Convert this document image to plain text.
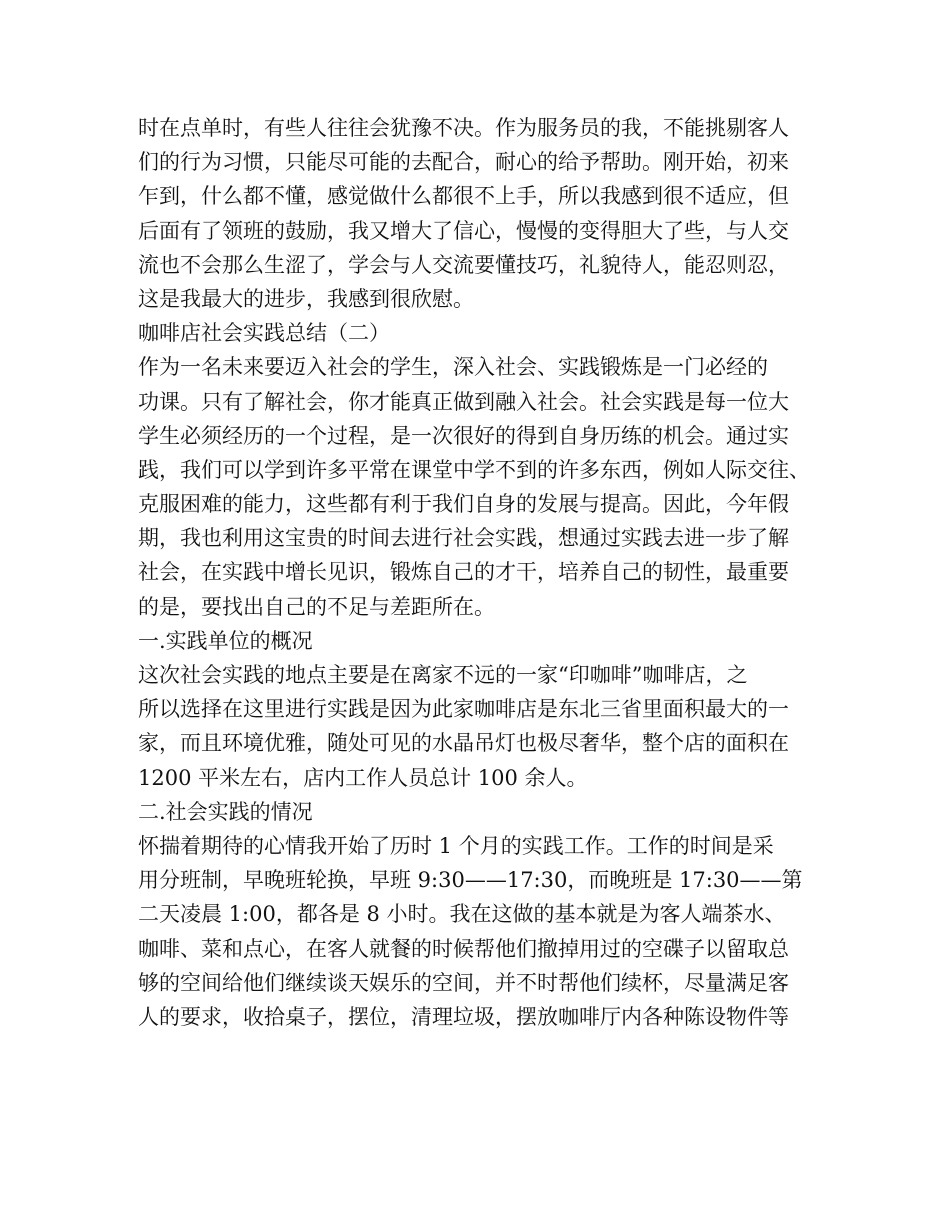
时在点单时，有些人往往会犹豫不决。作为服务员的我，不能挑剔客人
们的行为习惯，只能尽可能的去配合，耐心的给予帮助。刚开始，初来
乍到，什么都不懂，感觉做什么都很不上手，所以我感到很不适应，但
后面有了领班的鼓励，我又增大了信心，慢慢的变得胆大了些，与人交
流也不会那么生涩了，学会与人交流要懂技巧，礼貌待人，能忍则忍，
这是我最大的进步，我感到很欣慰。
咖啡店社会实践总结（二）
作为一名未来要迈入社会的学生，深入社会、实践锻炼是一门必经的
功课。只有了解社会，你才能真正做到融入社会。社会实践是每一位大
学生必须经历的一个过程，是一次很好的得到自身历练的机会。通过实
践，我们可以学到许多平常在课堂中学不到的许多东西，例如人际交往、
克服困难的能力，这些都有利于我们自身的发展与提高。因此，今年假
期，我也利用这宝贵的时间去进行社会实践，想通过实践去进一步了解
社会，在实践中增长见识，锻炼自己的才干，培养自己的韧性，最重要
的是，要找出自己的不足与差距所在。
一.实践单位的概况
这次社会实践的地点主要是在离家不远的一家“印咖啡”咖啡店，之
所以选择在这里进行实践是因为此家咖啡店是东北三省里面积最大的一
家，而且环境优雅，随处可见的水晶吊灯也极尽奢华，整个店的面积在
1200 平米左右，店内工作人员总计 100 余人。
二.社会实践的情况
怀揣着期待的心情我开始了历时 1 个月的实践工作。工作的时间是采
用分班制，早晚班轮换，早班 9:30——17:30，而晚班是 17:30——第
二天凌晨 1:00，都各是 8 小时。我在这做的基本就是为客人端茶水、
咖啡、菜和点心，在客人就餐的时候帮他们撤掉用过的空碟子以留取总
够的空间给他们继续谈天娱乐的空间，并不时帮他们续杯，尽量满足客
人的要求，收拾桌子，摆位，清理垃圾，摆放咖啡厅内各种陈设物件等
